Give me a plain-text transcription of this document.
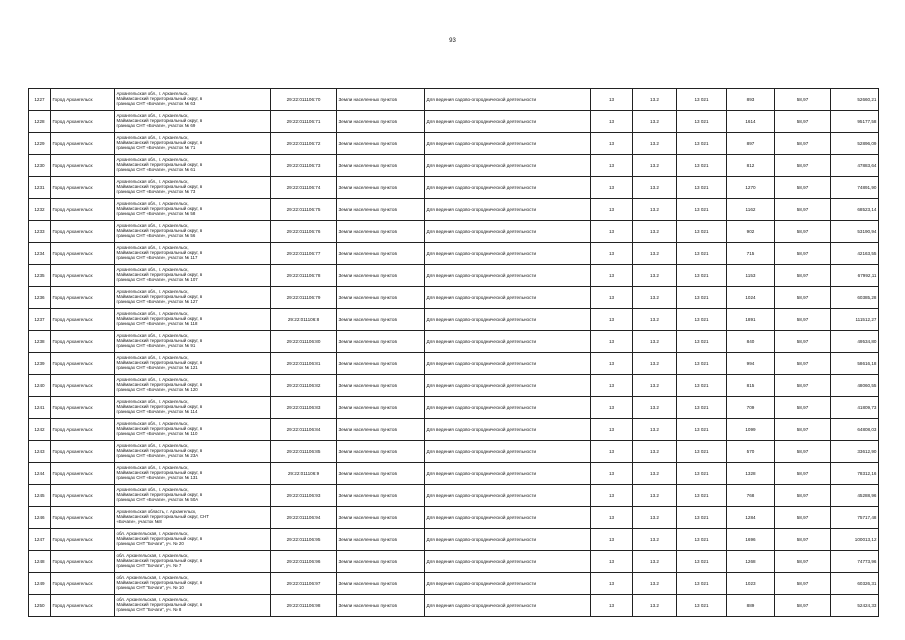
93
1227	Город Архангельск	Архангельская обл., г. Архангельск,
Маймаксанский территориальный округ, в
границах СНТ «Бочаги», участок № 63	29:22:011106:70	Земли населенных пунктов	Для ведения садово-огороднической деятельности	13	13.2	13 021	893	58,97	52660,21
1228	Город Архангельск	Архангельская обл., г. Архангельск,
Маймаксанский территориальный округ, в
границах СНТ «Бочаги», участок № 69	29:22:011106:71	Земли населенных пунктов	Для ведения садово-огороднической деятельности	13	13.2	13 021	1614	58,97	95177,58
1229	Город Архангельск	Архангельская обл., г. Архангельск,
Маймаксанский территориальный округ, в
границах СНТ «Бочаги», участок № 71	29:22:011106:72	Земли населенных пунктов	Для ведения садово-огороднической деятельности	13	13.2	13 021	897	58,97	52896,09
1230	Город Архангельск	Архангельская обл., г. Архангельск,
Маймаксанский территориальный округ, в
границах СНТ «Бочаги», участок № 61	29:22:011106:73	Земли населенных пунктов	Для ведения садово-огороднической деятельности	13	13.2	13 021	812	58,97	47883,64
1231	Город Архангельск	Архангельская обл., г. Архангельск,
Маймаксанский территориальный округ, в
границах СНТ «Бочаги», участок № 73	29:22:011106:74	Земли населенных пунктов	Для ведения садово-огороднической деятельности	13	13.2	13 021	1270	58,97	74891,90
1232	Город Архангельск	Архангельская обл., г. Архангельск,
Маймаксанский территориальный округ, в
границах СНТ «Бочаги», участок № 58	29:22:011106:75	Земли населенных пунктов	Для ведения садово-огороднической деятельности	13	13.2	13 021	1162	58,97	68523,14
1233	Город Архангельск	Архангельская обл., г. Архангельск,
Маймаксанский территориальный округ, в
границах СНТ «Бочаги», участок № 56	29:22:011106:76	Земли населенных пунктов	Для ведения садово-огороднической деятельности	13	13.2	13 021	902	58,97	53190,94
1234	Город Архангельск	Архангельская обл., г. Архангельск,
Маймаксанский территориальный округ, в
границах СНТ «Бочаги», участок № 117	29:22:011106:77	Земли населенных пунктов	Для ведения садово-огороднической деятельности	13	13.2	13 021	715	58,97	42163,55
1235	Город Архангельск	Архангельская обл., г. Архангельск,
Маймаксанский территориальный округ, в
границах СНТ «Бочаги», участок № 107	29:22:011106:78	Земли населенных пунктов	Для ведения садово-огороднической деятельности	13	13.2	13 021	1153	58,97	67992,11
1236	Город Архангельск	Архангельская обл., г. Архангельск,
Маймаксанский территориальный округ, в
границах СНТ «Бочаги», участок № 127	29:22:011106:79	Земли населенных пунктов	Для ведения садово-огороднической деятельности	13	13.2	13 021	1024	58,97	60385,28
1237	Город Архангельск	Архангельская обл., г. Архангельск,
Маймаксанский территориальный округ, в
границах СНТ «Бочаги», участок № 118	29:22:011106:8	Земли населенных пунктов	Для ведения садово-огороднической деятельности	13	13.2	13 021	1891	58,97	111512,27
1238	Город Архангельск	Архангельская обл., г. Архангельск,
Маймаксанский территориальный округ, в
границах СНТ «Бочаги», участок № 91	29:22:011106:80	Земли населенных пунктов	Для ведения садово-огороднической деятельности	13	13.2	13 021	840	58,97	49534,80
1239	Город Архангельск	Архангельская обл., г. Архангельск,
Маймаксанский территориальный округ, в
границах СНТ «Бочаги», участок № 121	29:22:011106:81	Земли населенных пунктов	Для ведения садово-огороднической деятельности	13	13.2	13 021	994	58,97	58616,18
1240	Город Архангельск	Архангельская обл., г. Архангельск,
Маймаксанский территориальный округ, в
границах СНТ «Бочаги», участок № 120	29:22:011106:82	Земли населенных пунктов	Для ведения садово-огороднической деятельности	13	13.2	13 021	815	58,97	48060,55
1241	Город Архангельск	Архангельская обл., г. Архангельск,
Маймаксанский территориальный округ, в
границах СНТ «Бочаги», участок № 114	29:22:011106:83	Земли населенных пунктов	Для ведения садово-огороднической деятельности	13	13.2	13 021	709	58,97	41809,73
1242	Город Архангельск	Архангельская обл., г. Архангельск,
Маймаксанский территориальный округ, в
границах СНТ «Бочаги», участок № 110	29:22:011106:84	Земли населенных пунктов	Для ведения садово-огороднической деятельности	13	13.2	13 021	1099	58,97	64808,03
1243	Город Архангельск	Архангельская обл., г. Архангельск,
Маймаксанский территориальный округ, в
границах СНТ «Бочаги», участок № 23А	29:22:011106:85	Земли населенных пунктов	Для ведения садово-огороднической деятельности	13	13.2	13 021	570	58,97	33612,90
1244	Город Архангельск	Архангельская обл., г. Архангельск,
Маймаксанский территориальный округ, в
границах СНТ «Бочаги», участок № 131	29:22:011106:9	Земли населенных пунктов	Для ведения садово-огороднической деятельности	13	13.2	13 021	1328	58,97	78312,16
1245	Город Архангельск	Архангельская обл., г. Архангельск,
Маймаксанский территориальный округ, в
границах СНТ «Бочаги», участок № 50А	29:22:011106:93	Земли населенных пунктов	Для ведения садово-огороднической деятельности	13	13.2	13 021	768	58,97	45288,96
1246	Город Архангельск	Архангельская область, г. Архангельск,
Маймаксанский территориальный округ, СНТ
«Бочаги», участок №8	29:22:011106:94	Земли населенных пунктов	Для ведения садово-огороднической деятельности	13	13.2	13 021	1284	58,97	75717,48
1247	Город Архангельск	обл. Архангельская, г. Архангельск,
Маймаксанский территориальный округ, в
границах СНТ "Бочаги", уч. № 20	29:22:011106:95	Земли населенных пунктов	Для ведения садово-огороднической деятельности	13	13.2	13 021	1696	58,97	100013,12
1248	Город Архангельск	обл. Архангельская, г. Архангельск,
Маймаксанский территориальный округ, в
границах СНТ "Бочаги", уч. № 7	29:22:011106:96	Земли населенных пунктов	Для ведения садово-огороднической деятельности	13	13.2	13 021	1268	58,97	74773,96
1249	Город Архангельск	обл. Архангельская, г. Архангельск,
Маймаксанский территориальный округ, в
границах СНТ "Бочаги", уч. № 10	29:22:011106:97	Земли населенных пунктов	Для ведения садово-огороднической деятельности	13	13.2	13 021	1023	58,97	60326,31
1250	Город Архангельск	обл. Архангельская, г. Архангельск,
Маймаксанский территориальный округ, в
границах СНТ "Бочаги", уч. № 8	29:22:011106:98	Земли населенных пунктов	Для ведения садово-огороднической деятельности	13	13.2	13 021	889	58,97	52424,33
